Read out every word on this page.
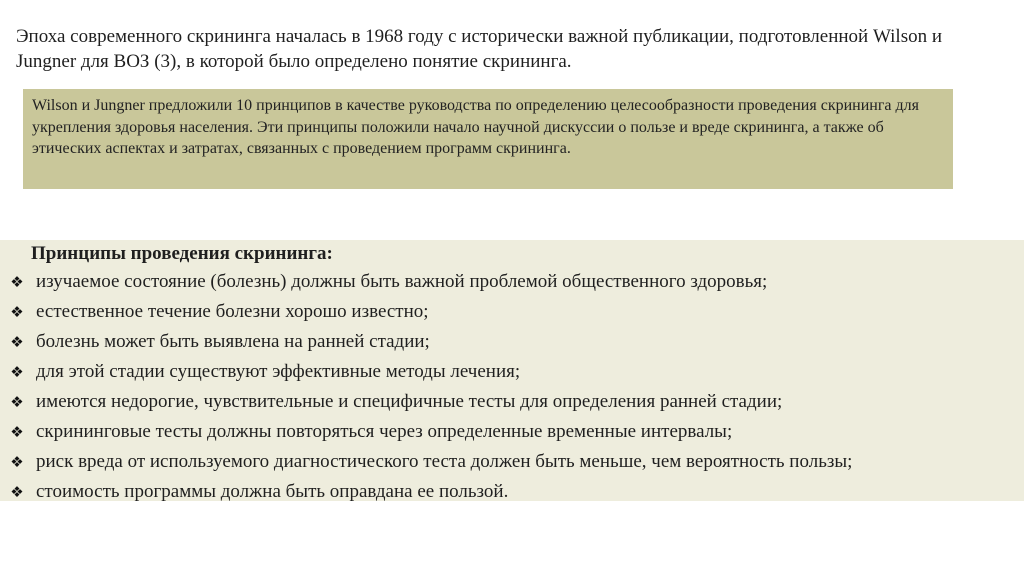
Эпоха современного скрининга началась в 1968 году с исторически важной публикации, подготовленной Wilson и Jungner для ВОЗ (3), в которой было определено понятие скрининга.

Wilson и Jungner предложили 10 принципов в качестве руководства по определению целесообразности проведения скрининга для укрепления здоровья населения. Эти принципы положили начало научной дискуссии о пользе и вреде скрининга, а также об этических аспектах и затратах, связанных с проведением программ скрининга.

Принципы проведения скрининга:

❖ изучаемое состояние (болезнь) должны быть важной проблемой общественного здоровья;
❖ естественное течение болезни хорошо известно;
❖ болезнь может быть выявлена на ранней стадии;
❖ для этой стадии существуют эффективные методы лечения;
❖ имеются недорогие, чувствительные и специфичные тесты для определения ранней стадии;
❖ скрининговые тесты должны повторяться через определенные временные интервалы;
❖ риск вреда от используемого диагностического теста должен быть меньше, чем вероятность пользы;
❖ стоимость программы должна быть оправдана ее пользой.
